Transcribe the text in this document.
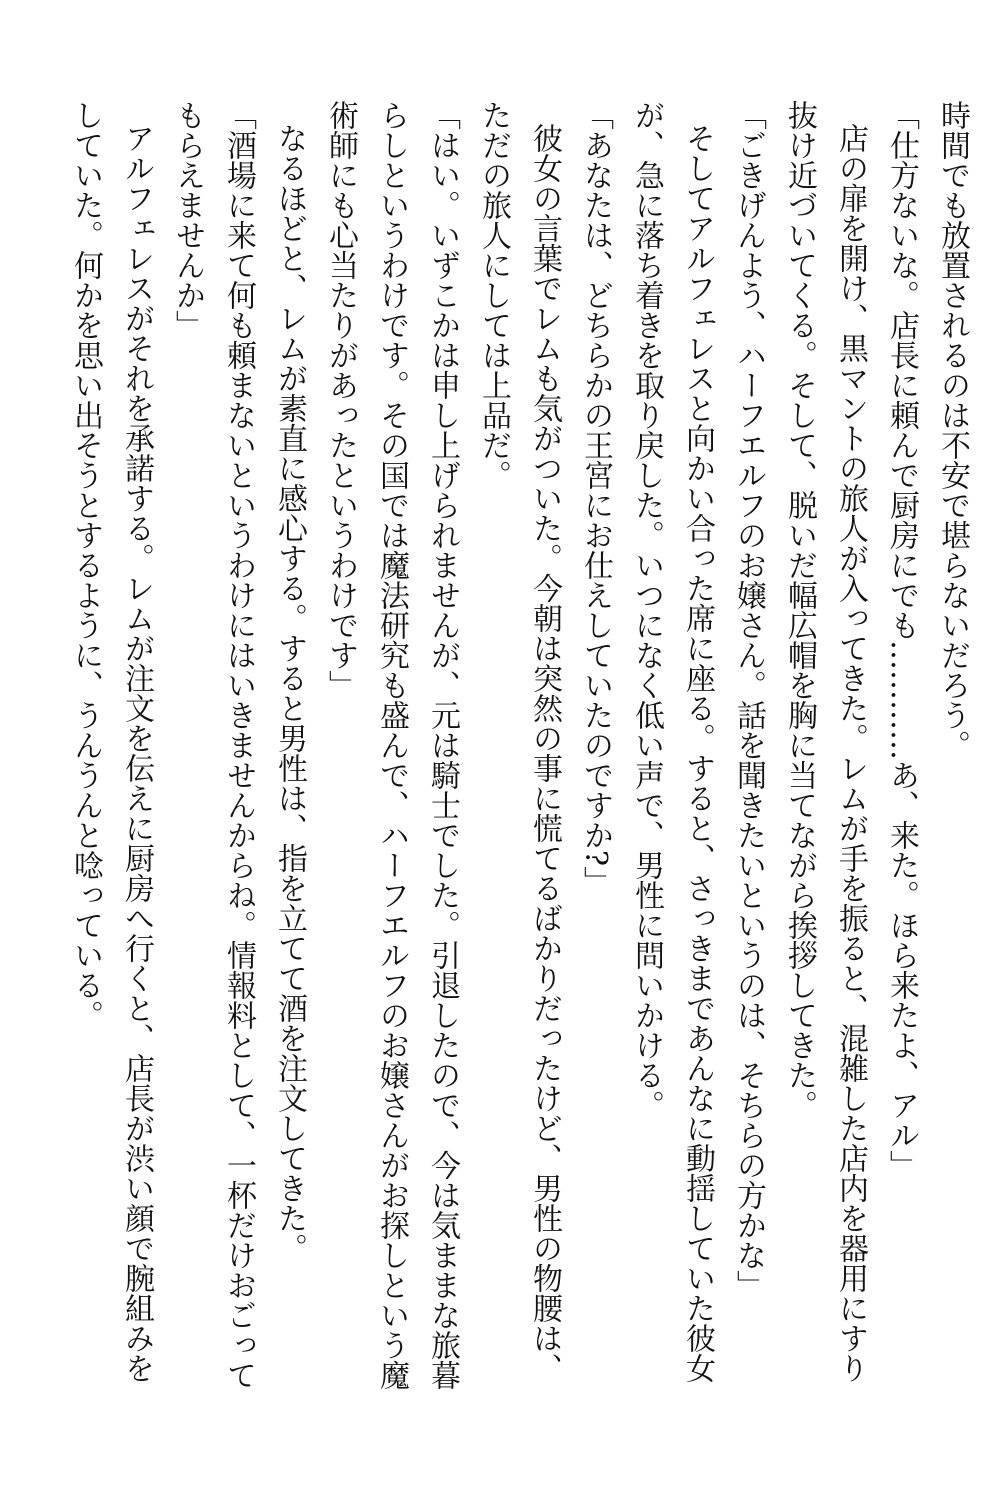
時間でも放置されるのは不安で堪らないだろう。

「仕方ないな。店長に頼んで厨房にでも…………あ、来た。ほら来たよ、アル」

店の扉を開け、黒マントの旅人が入ってきた。レムが手を振ると、混雑した店内を器用にすり抜け近づいてくる。そして、脱いだ幅広帽を胸に当てながら挨拶してきた。

「ごきげんよう、ハーフエルフのお嬢さん。話を聞きたいというのは、そちらの方かな」

そしてアルフェレスと向かい合った席に座る。すると、さっきまであんなに動揺していた彼女が、急に落ち着きを取り戻した。いつになく低い声で、男性に問いかける。

「あなたは、どちらかの王宮にお仕えしていたのですか?」

彼女の言葉でレムも気がついた。今朝は突然の事に慌てるばかりだったけど、男性の物腰は、ただの旅人にしては上品だ。

「はい。いずこかは申し上げられませんが、元は騎士でした。引退したので、今は気ままな旅暮らしというわけです。その国では魔法研究も盛んで、ハーフエルフのお嬢さんがお探しという魔術師にも心当たりがあったというわけです」

なるほどと、レムが素直に感心する。すると男性は、指を立てて酒を注文してきた。

「酒場に来て何も頼まないというわけにはいきませんからね。情報料として、一杯だけおごってもらえませんか」

アルフェレスがそれを承諾する。レムが注文を伝えに厨房へ行くと、店長が渋い顔で腕組みをしていた。何かを思い出そうとするように、うんうんと唸っている。
